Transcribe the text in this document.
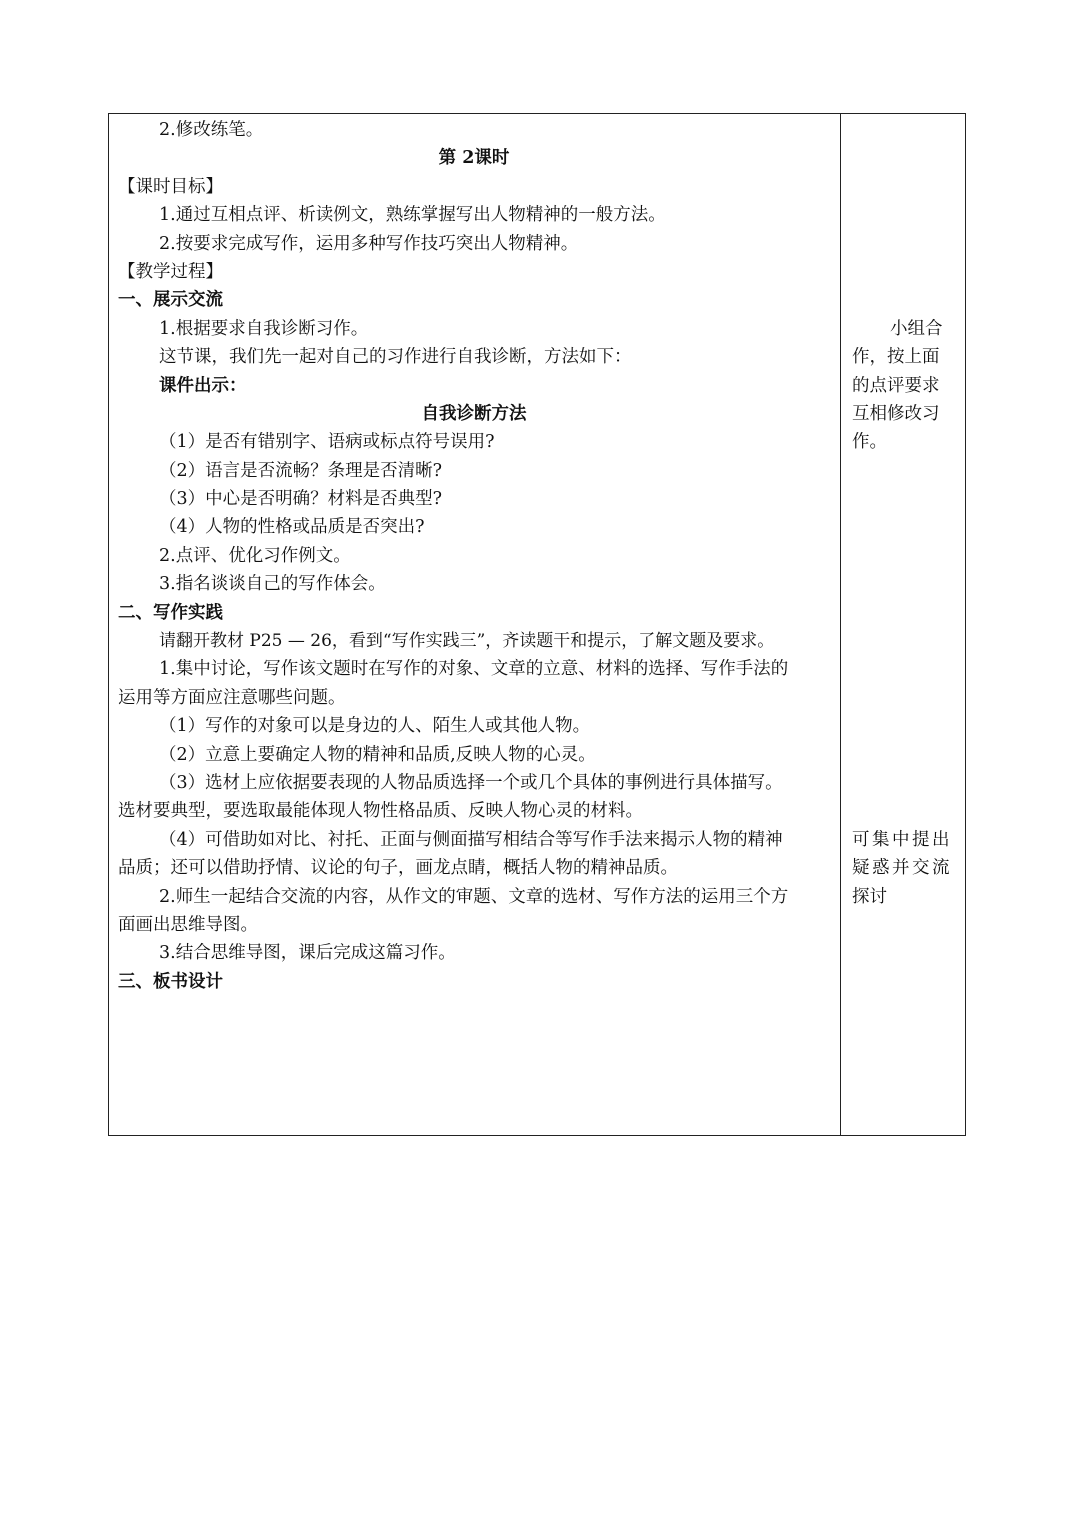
2.修改练笔。
第 2课时
【课时目标】
1.通过互相点评、析读例文，熟练掌握写出人物精神的一般方法。
2.按要求完成写作，运用多种写作技巧突出人物精神。
【教学过程】
一、展示交流
1.根据要求自我诊断习作。
这节课，我们先一起对自己的习作进行自我诊断，方法如下：
课件出示：
自我诊断方法
（1）是否有错别字、语病或标点符号误用?
（2）语言是否流畅？条理是否清晰?
（3）中心是否明确？材料是否典型?
（4）人物的性格或品质是否突出?
2.点评、优化习作例文。
3.指名谈谈自己的写作体会。
二、写作实践
请翻开教材 P25 — 26，看到“写作实践三”，齐读题干和提示，了解文题及要求。
1.集中讨论，写作该文题时在写作的对象、文章的立意、材料的选择、写作手法的
运用等方面应注意哪些问题。
（1）写作的对象可以是身边的人、陌生人或其他人物。
（2）立意上要确定人物的精神和品质,反映人物的心灵。
（3）选材上应依据要表现的人物品质选择一个或几个具体的事例进行具体描写。
选材要典型，要选取最能体现人物性格品质、反映人物心灵的材料。
（4）可借助如对比、衬托、正面与侧面描写相结合等写作手法来揭示人物的精神
品质；还可以借助抒情、议论的句子，画龙点睛，概括人物的精神品质。
2.师生一起结合交流的内容，从作文的审题、文章的选材、写作方法的运用三个方
面画出思维导图。
3.结合思维导图，课后完成这篇习作。
三、板书设计
小组合
作，按上面
的点评要求
互相修改习
作。
可集中提出
疑惑并交流
探讨
